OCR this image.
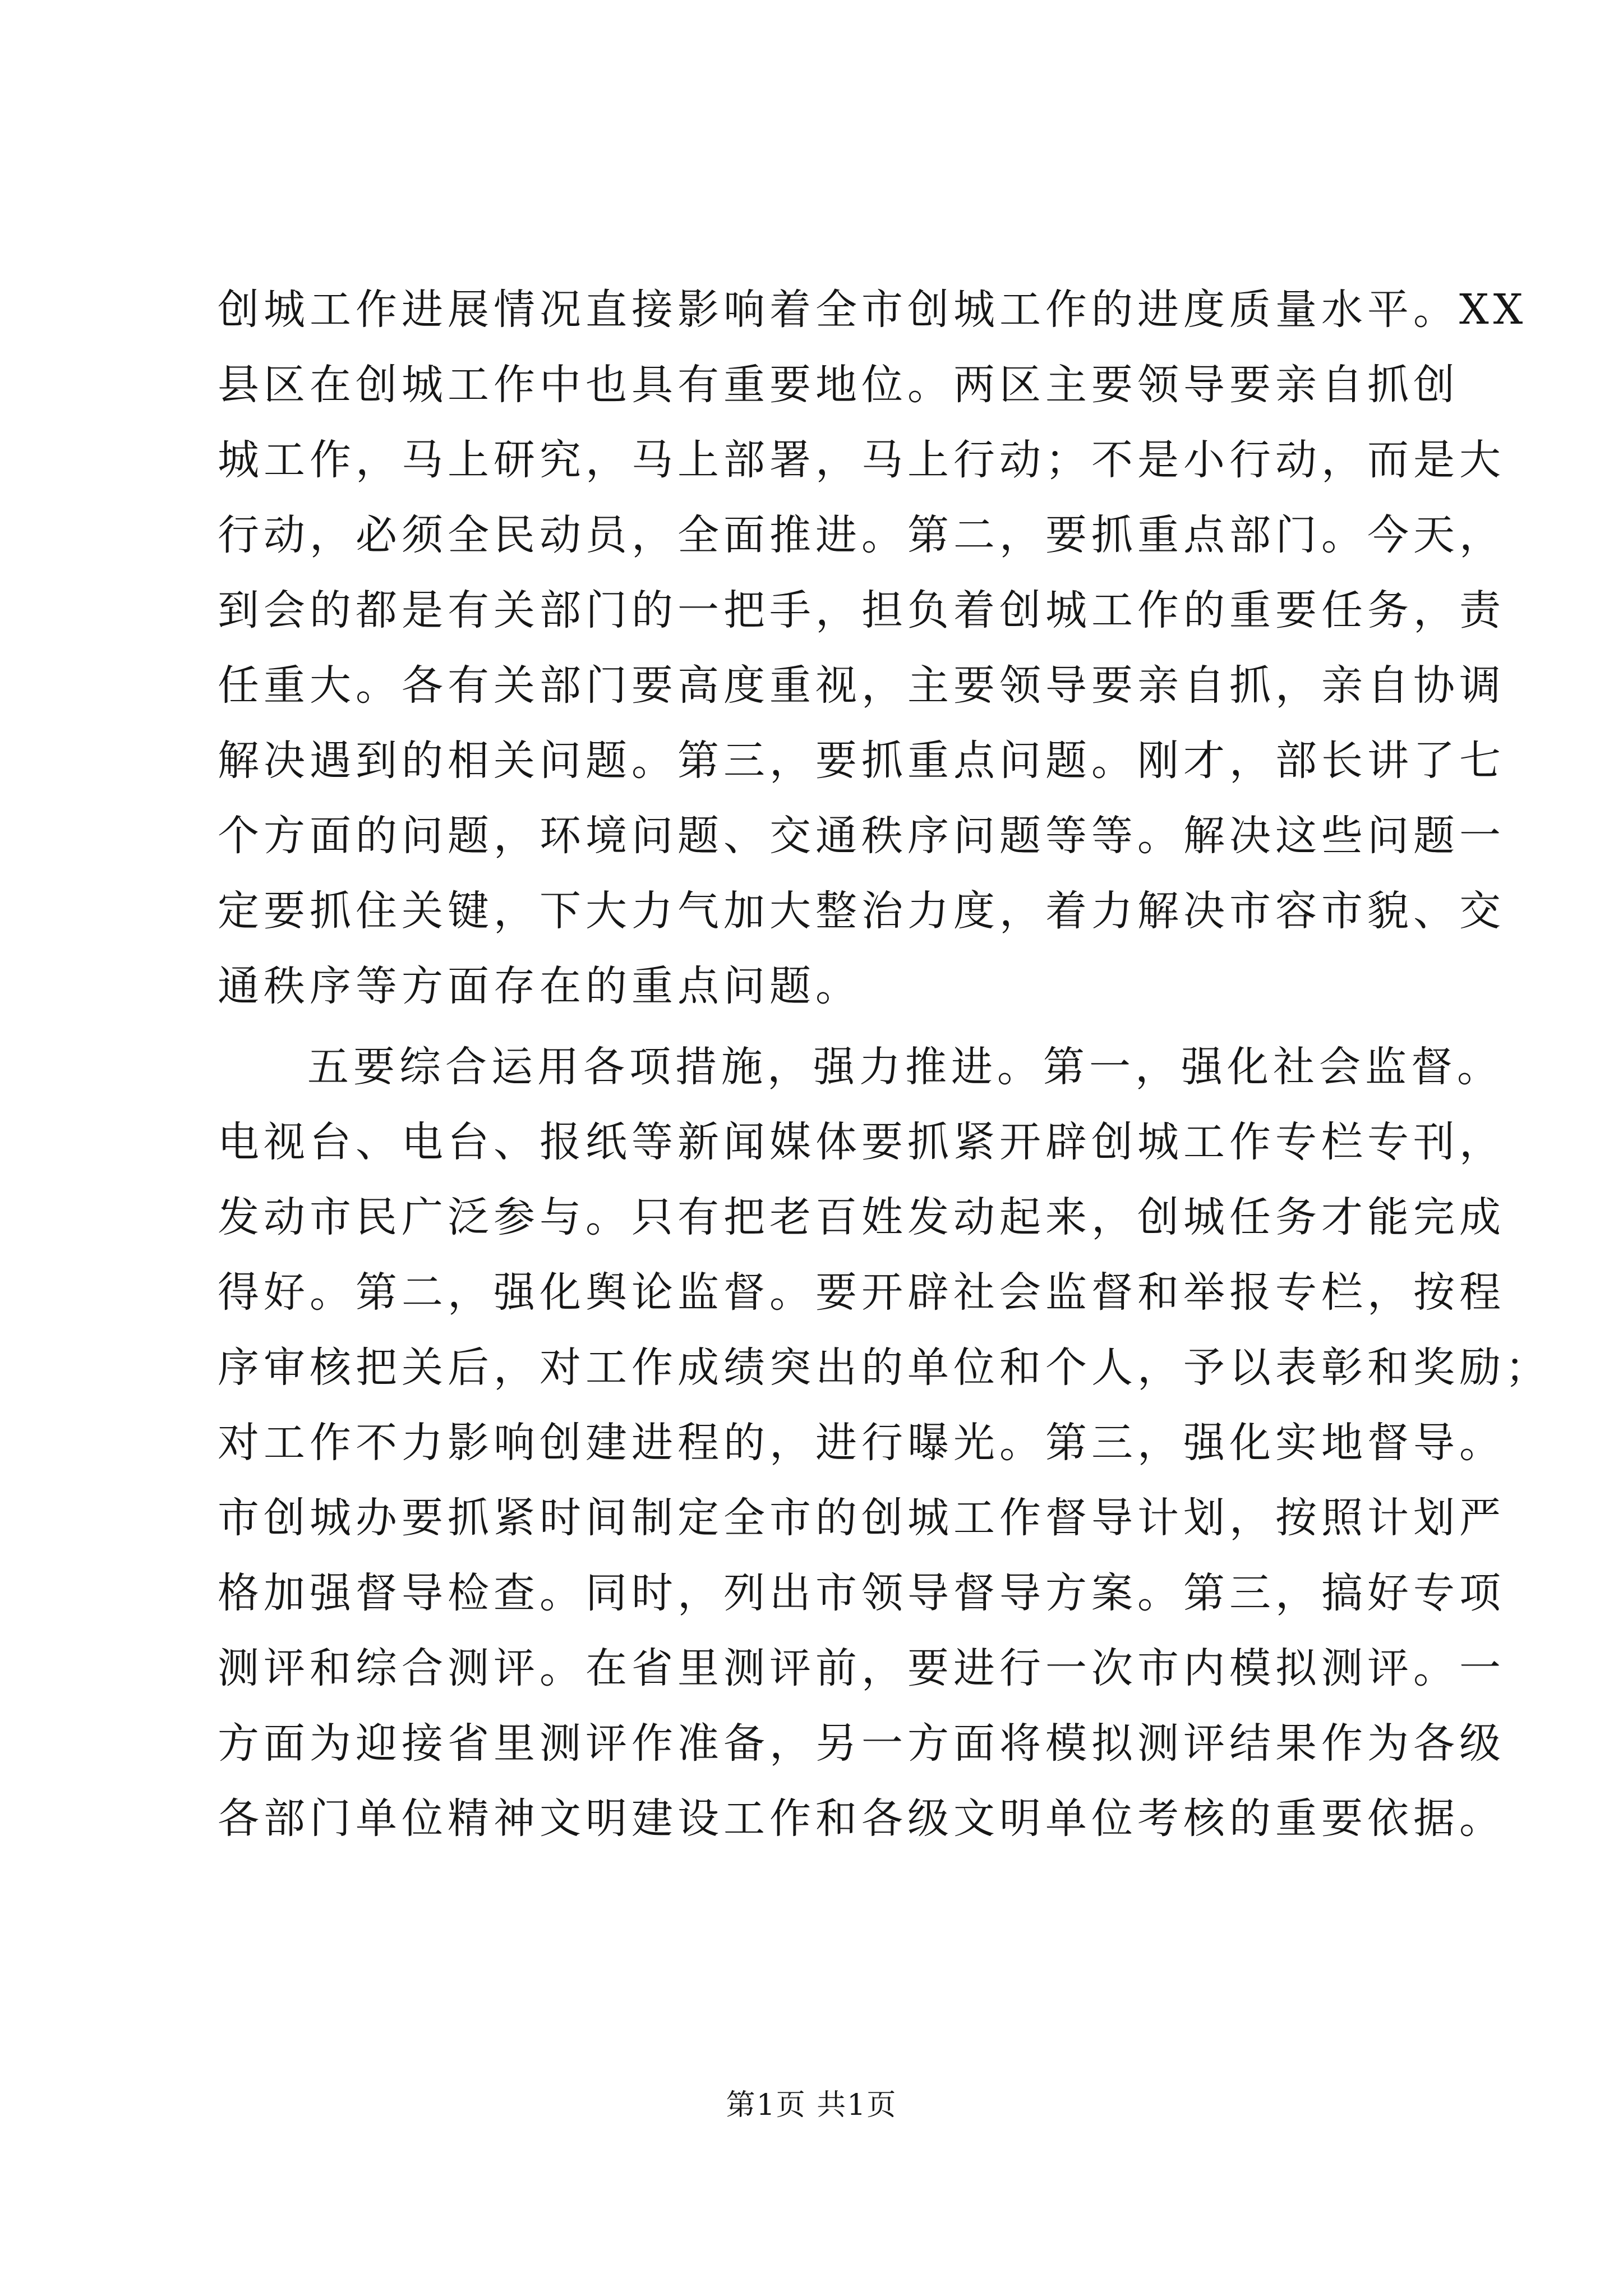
创城工作进展情况直接影响着全市创城工作的进度质量水平。XX
县区在创城工作中也具有重要地位。两区主要领导要亲自抓创
城工作，马上研究，马上部署，马上行动；不是小行动，而是大
行动，必须全民动员，全面推进。第二，要抓重点部门。今天，
到会的都是有关部门的一把手，担负着创城工作的重要任务，责
任重大。各有关部门要高度重视，主要领导要亲自抓，亲自协调
解决遇到的相关问题。第三，要抓重点问题。刚才，部长讲了七
个方面的问题，环境问题、交通秩序问题等等。解决这些问题一
定要抓住关键，下大力气加大整治力度，着力解决市容市貌、交
通秩序等方面存在的重点问题。
五要综合运用各项措施，强力推进。第一，强化社会监督。
电视台、电台、报纸等新闻媒体要抓紧开辟创城工作专栏专刊，
发动市民广泛参与。只有把老百姓发动起来，创城任务才能完成
得好。第二，强化舆论监督。要开辟社会监督和举报专栏，按程
序审核把关后，对工作成绩突出的单位和个人，予以表彰和奖励；
对工作不力影响创建进程的，进行曝光。第三，强化实地督导。
市创城办要抓紧时间制定全市的创城工作督导计划，按照计划严
格加强督导检查。同时，列出市领导督导方案。第三，搞好专项
测评和综合测评。在省里测评前，要进行一次市内模拟测评。一
方面为迎接省里测评作准备，另一方面将模拟测评结果作为各级
各部门单位精神文明建设工作和各级文明单位考核的重要依据。
第1页 共1页
